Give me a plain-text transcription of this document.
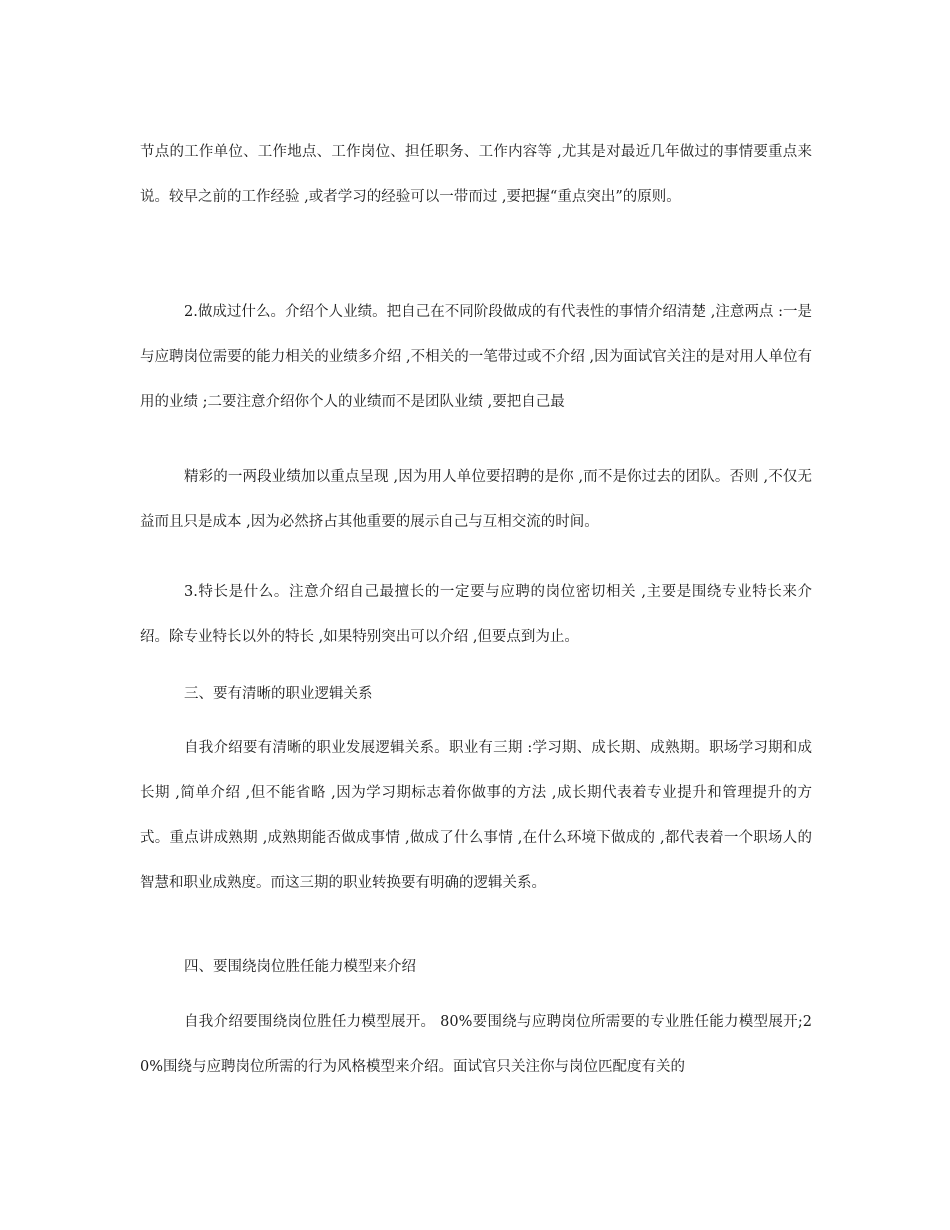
节点的工作单位、工作地点、工作岗位、担任职务、工作内容等 ,尤其是对最近几年做过的事情要重点来说。较早之前的工作经验 ,或者学习的经验可以一带而过 ,要把握“重点突出”的原则。

2.做成过什么。介绍个人业绩。把自己在不同阶段做成的有代表性的事情介绍清楚 ,注意两点 :一是与应聘岗位需要的能力相关的业绩多介绍 ,不相关的一笔带过或不介绍 ,因为面试官关注的是对用人单位有用的业绩 ;二要注意介绍你个人的业绩而不是团队业绩 ,要把自己最

精彩的一两段业绩加以重点呈现 ,因为用人单位要招聘的是你 ,而不是你过去的团队。否则 ,不仅无益而且只是成本 ,因为必然挤占其他重要的展示自己与互相交流的时间。

3.特长是什么。注意介绍自己最擅长的一定要与应聘的岗位密切相关 ,主要是围绕专业特长来介绍。除专业特长以外的特长 ,如果特别突出可以介绍 ,但要点到为止。

三、要有清晰的职业逻辑关系

自我介绍要有清晰的职业发展逻辑关系。职业有三期 :学习期、成长期、成熟期。职场学习期和成长期 ,简单介绍 ,但不能省略 ,因为学习期标志着你做事的方法 ,成长期代表着专业提升和管理提升的方式。重点讲成熟期 ,成熟期能否做成事情 ,做成了什么事情 ,在什么环境下做成的 ,都代表着一个职场人的智慧和职业成熟度。而这三期的职业转换要有明确的逻辑关系。

四、要围绕岗位胜任能力模型来介绍

自我介绍要围绕岗位胜任力模型展开。 80%要围绕与应聘岗位所需要的专业胜任能力模型展开;20%围绕与应聘岗位所需的行为风格模型来介绍。面试官只关注你与岗位匹配度有关的
